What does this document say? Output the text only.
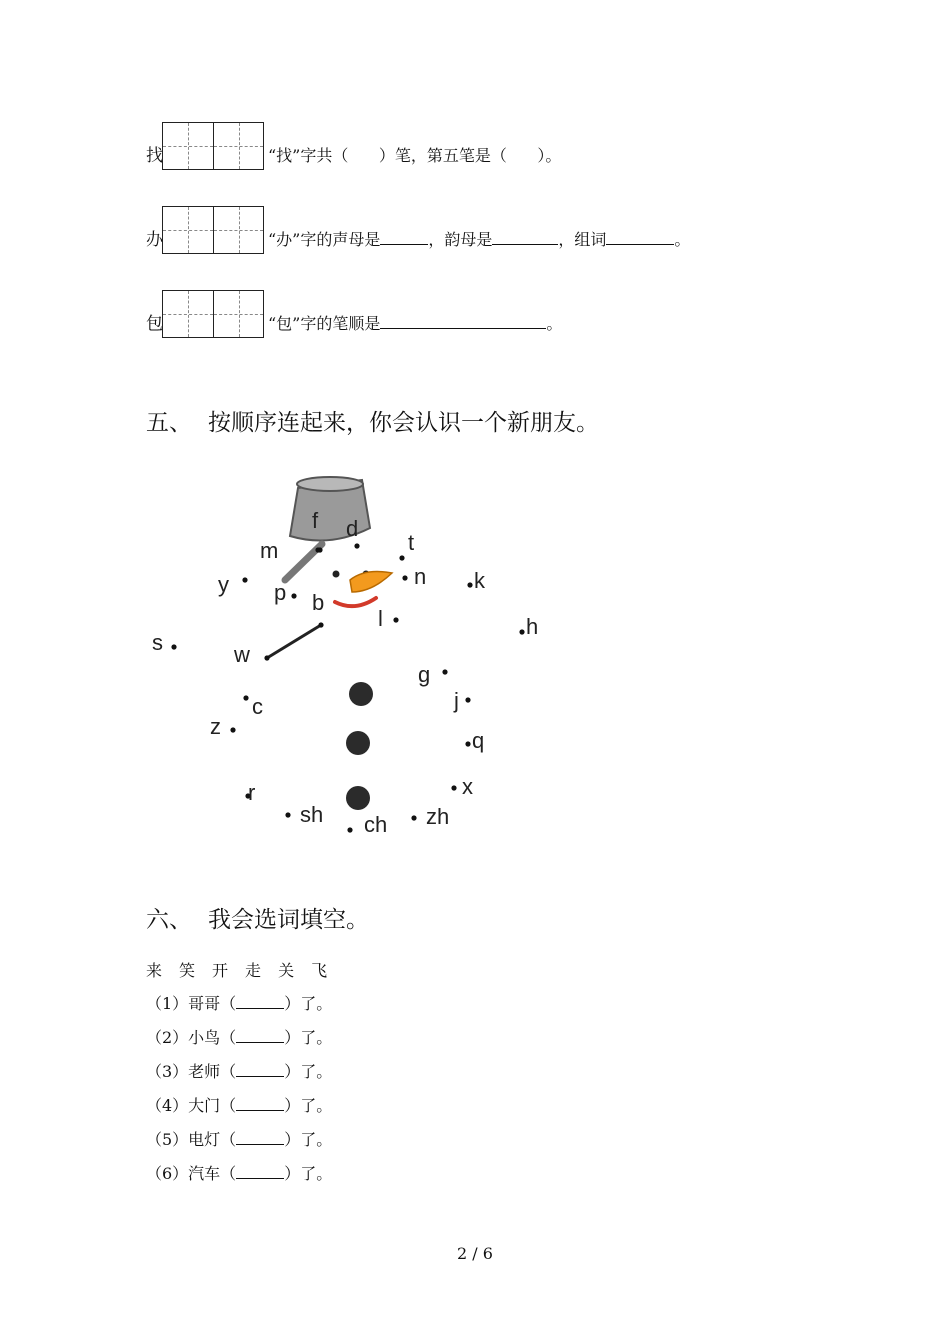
找	“找”字共（      ）笔，第五笔是（      ）。
办	“办”字的声母是	，韵母是	，组词	。
包	“包”字的笔顺是	。
五、 按顺序连起来，你会认识一个新朋友。
f d
m	t
y p b
n k
l	h
s	w
g
j
c
z
q
r	x
sh ch zh
六、 我会选词填空。
来 笑 开 走 关 飞
（1）哥哥（	）了。
（2）小鸟（	）了。
（3）老师（	）了。
（4）大门（	）了。
（5）电灯（	）了。
（6）汽车（	）了。
2 / 6
